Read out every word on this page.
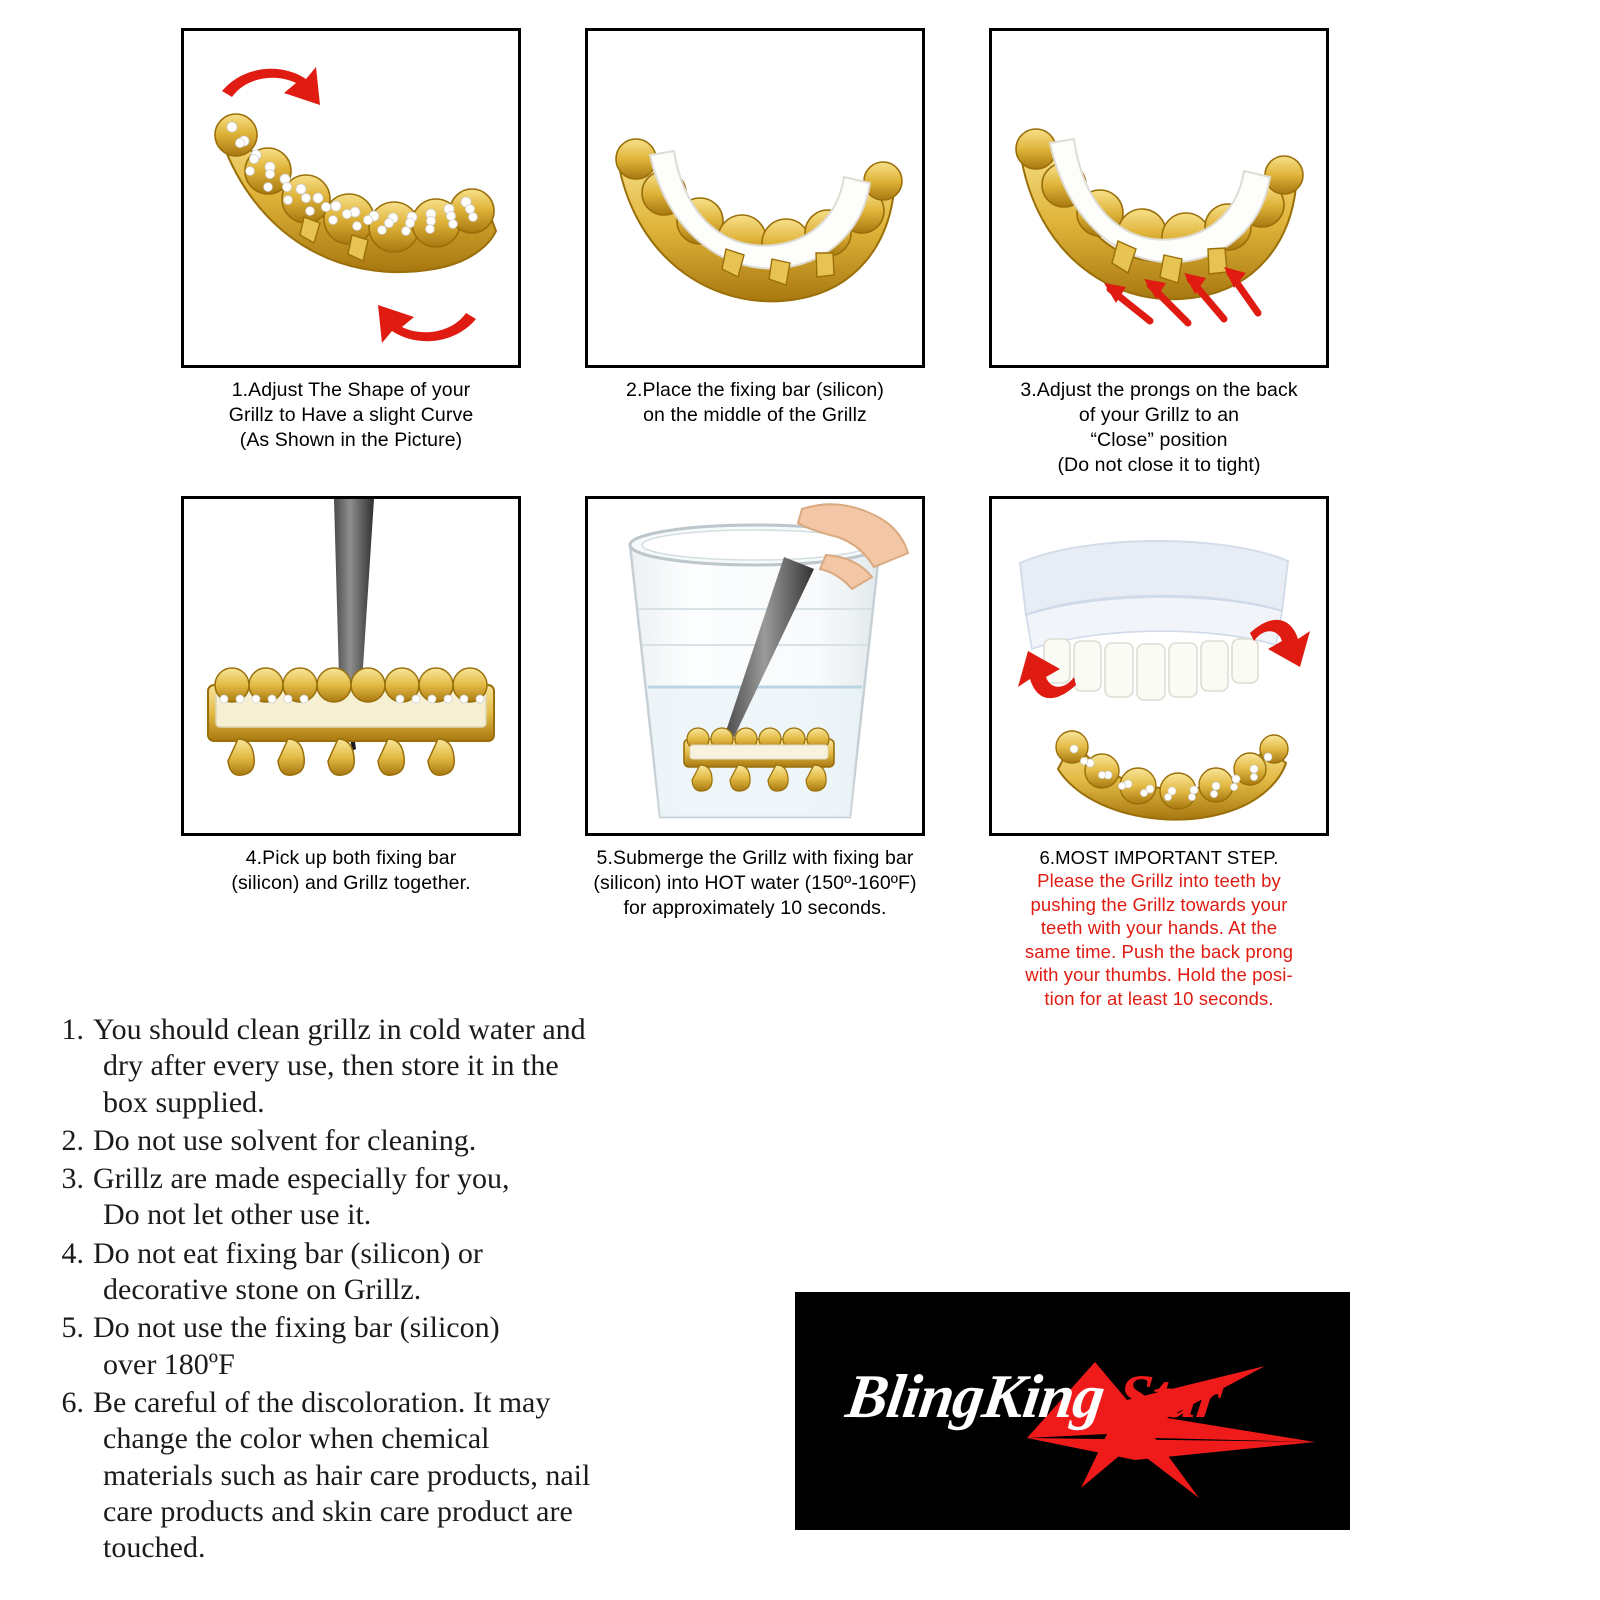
1.Adjust The Shape of your
Grillz to Have a slight Curve
(As Shown in the Picture)
2.Place the fixing bar (silicon)
on the middle of the Grillz
3.Adjust the prongs on the back
of your Grillz to an
“Close” position
(Do not close it to tight)
4.Pick up both fixing bar
(silicon) and Grillz together.
5.Submerge the Grillz with fixing bar
(silicon) into HOT water (150º-160ºF)
for approximately 10 seconds.
6.MOST IMPORTANT STEP.
Please the Grillz into teeth by
pushing the Grillz towards your
teeth with your hands. At the
same time. Push the back prong
with your thumbs. Hold the posi-
tion for at least 10 seconds.
1. You should clean grillz in cold water and
dry after every use, then store it in the
box supplied.
2. Do not use solvent for cleaning.
3. Grillz are made especially for you,
Do not let other use it.
4. Do not eat fixing bar (silicon) or
decorative stone on Grillz.
5. Do not use the fixing bar (silicon)
over 180ºF
6. Be careful of the discoloration. It may
change the color when chemical
materials such as hair care products, nail
care products and skin care product are
touched.
BlingKing Star
